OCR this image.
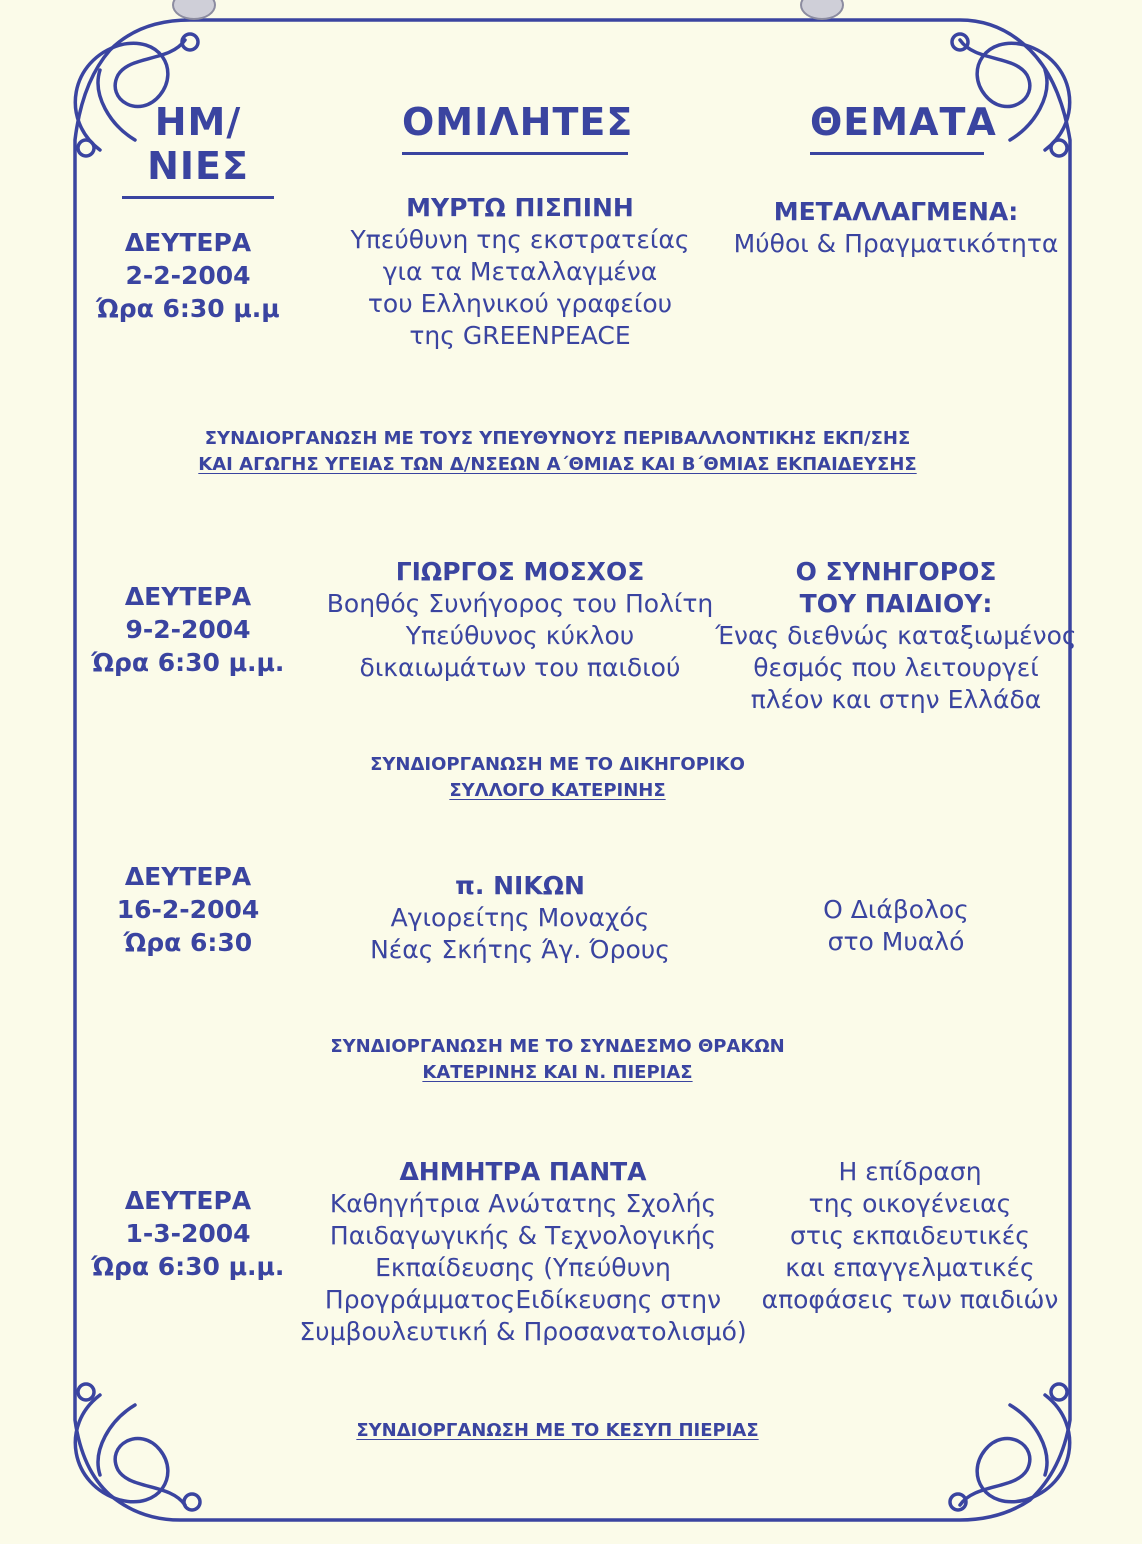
ΗΜ/ΝΙΕΣ
ΟΜΙΛΗΤΕΣ	ΘΕΜΑΤΑ
ΔΕΥΤΕΡΑ
2-2-2004
Ώρα 6:30 μ.μ
ΜΥΡΤΩ ΠΙΣΠΙΝΗ
Υπεύθυνη της εκστρατείας
για τα Μεταλλαγμένα
του Ελληνικού γραφείου
της GREENPEACE
ΜΕΤΑΛΛΑΓΜΕΝΑ:
Μύθοι & Πραγματικότητα
ΣΥΝΔΙΟΡΓΑΝΩΣΗ ΜΕ ΤΟΥΣ ΥΠΕΥΘΥΝΟΥΣ ΠΕΡΙΒΑΛΛΟΝΤΙΚΗΣ ΕΚΠ/ΣΗΣ
ΚΑΙ ΑΓΩΓΗΣ ΥΓΕΙΑΣ ΤΩΝ Δ/ΝΣΕΩΝ Α΄ΘΜΙΑΣ ΚΑΙ Β΄ΘΜΙΑΣ ΕΚΠΑΙΔΕΥΣΗΣ
ΔΕΥΤΕΡΑ
9-2-2004
Ώρα 6:30 μ.μ.
ΓΙΩΡΓΟΣ ΜΟΣΧΟΣ
Βοηθός Συνήγορος του Πολίτη
Υπεύθυνος κύκλου
δικαιωμάτων του παιδιού
Ο ΣΥΝΗΓΟΡΟΣ
ΤΟΥ ΠΑΙΔΙΟΥ:
Ένας διεθνώς καταξιωμένος
θεσμός που λειτουργεί
πλέον και στην Ελλάδα
ΣΥΝΔΙΟΡΓΑΝΩΣΗ ΜΕ ΤΟ ΔΙΚΗΓΟΡΙΚΟ
ΣΥΛΛΟΓΟ ΚΑΤΕΡΙΝΗΣ
ΔΕΥΤΕΡΑ
16-2-2004
Ώρα 6:30
π. ΝΙΚΩΝ
Αγιορείτης Μοναχός
Νέας Σκήτης Άγ. Όρους
Ο Διάβολος
στο Μυαλό
ΣΥΝΔΙΟΡΓΑΝΩΣΗ ΜΕ ΤΟ ΣΥΝΔΕΣΜΟ ΘΡΑΚΩΝ
ΚΑΤΕΡΙΝΗΣ ΚΑΙ Ν. ΠΙΕΡΙΑΣ
ΔΕΥΤΕΡΑ
1-3-2004
Ώρα 6:30 μ.μ.
ΔΗΜΗΤΡΑ ΠΑΝΤΑ
Καθηγήτρια Ανώτατης Σχολής
Παιδαγωγικής & Τεχνολογικής
Εκπαίδευσης (Υπεύθυνη
ΠρογράμματοςΕιδίκευσης στην
Συμβουλευτική & Προσανατολισμό)
Η επίδραση
της οικογένειας
στις εκπαιδευτικές
και επαγγελματικές
αποφάσεις των παιδιών
ΣΥΝΔΙΟΡΓΑΝΩΣΗ ΜΕ ΤΟ ΚΕΣΥΠ ΠΙΕΡΙΑΣ
